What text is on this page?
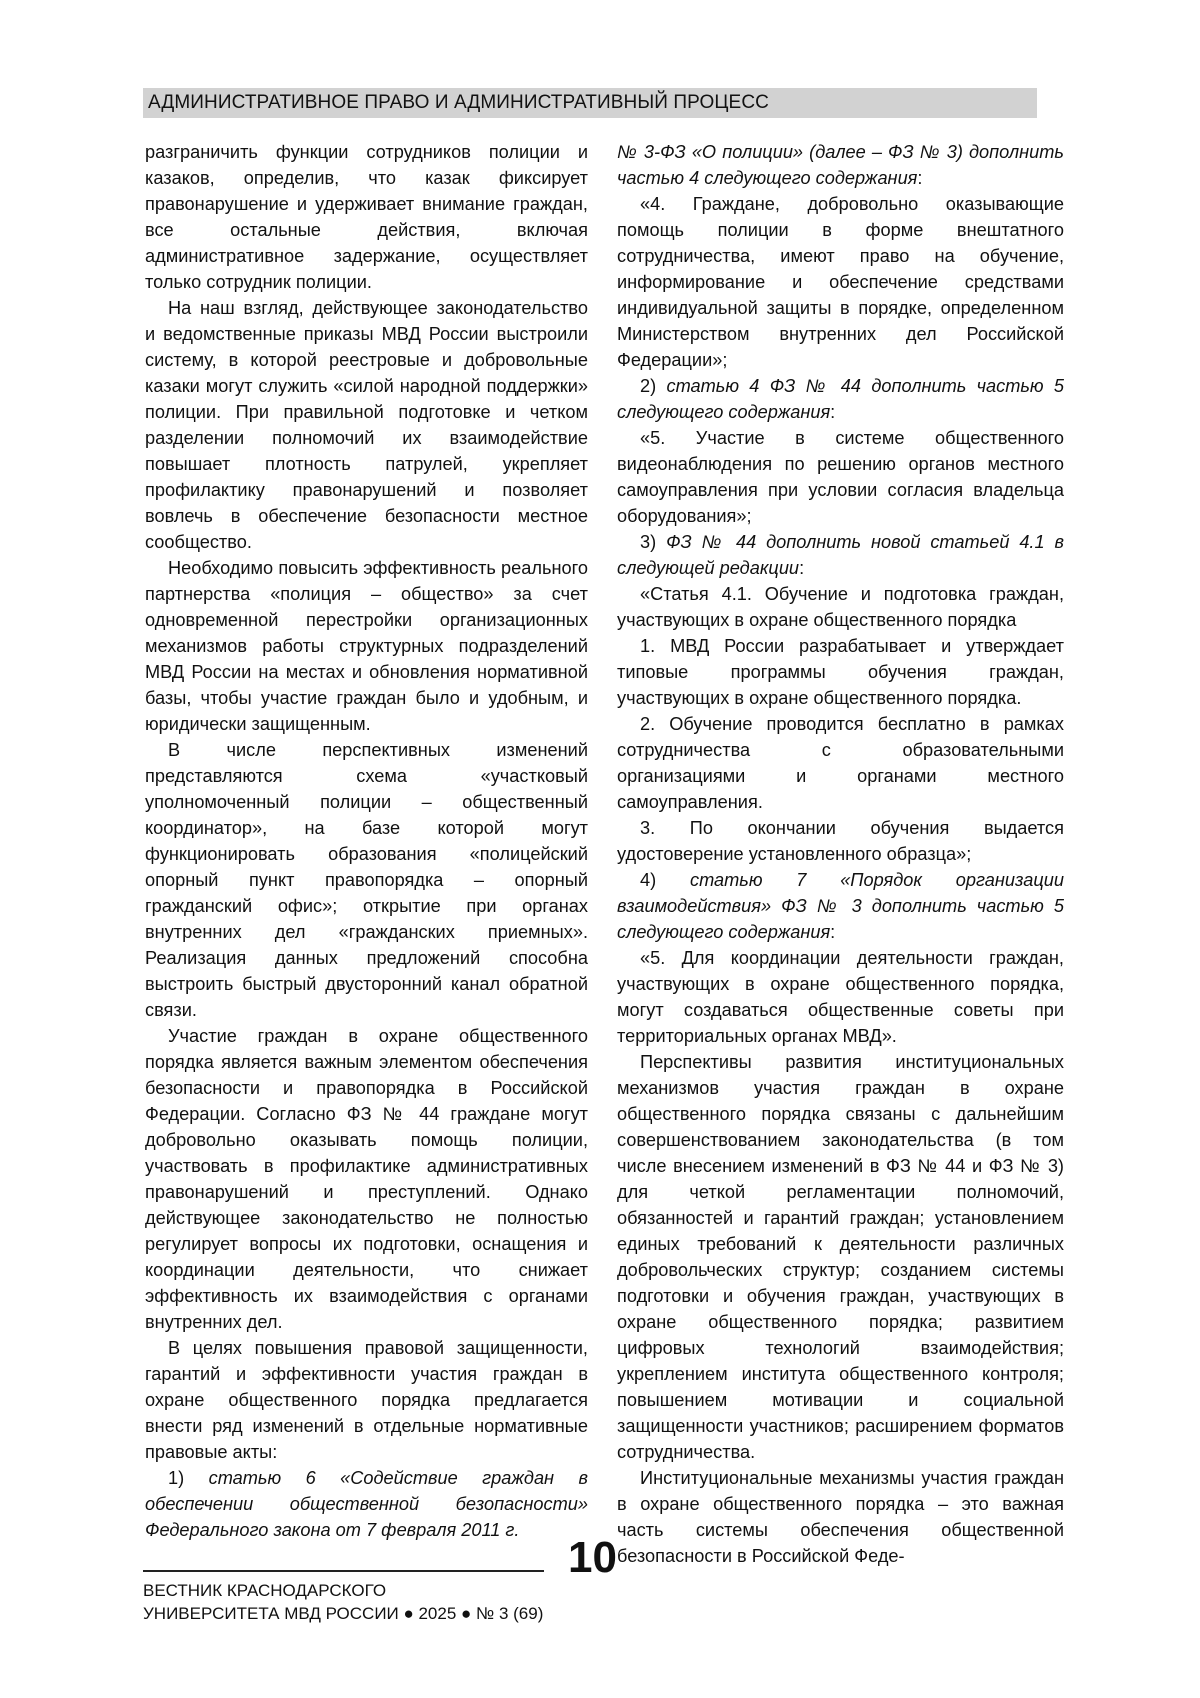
АДМИНИСТРАТИВНОЕ ПРАВО И АДМИНИСТРАТИВНЫЙ ПРОЦЕСС

разграничить функции сотрудников полиции и казаков, определив, что казак фиксирует правонарушение и удерживает внимание граждан, все остальные действия, включая административное задержание, осуществляет только сотрудник полиции.

На наш взгляд, действующее законодательство и ведомственные приказы МВД России выстроили систему, в которой реестровые и добровольные казаки могут служить «силой народной поддержки» полиции. При правильной подготовке и четком разделении полномочий их взаимодействие повышает плотность патрулей, укрепляет профилактику правонарушений и позволяет вовлечь в обеспечение безопасности местное сообщество.

Необходимо повысить эффективность реального партнерства «полиция – общество» за счет одновременной перестройки организационных механизмов работы структурных подразделений МВД России на местах и обновления нормативной базы, чтобы участие граждан было и удобным, и юридически защищенным.

В числе перспективных изменений представляются схема «участковый уполномоченный полиции – общественный координатор», на базе которой могут функционировать образования «полицейский опорный пункт правопорядка – опорный гражданский офис»; открытие при органах внутренних дел «гражданских приемных». Реализация данных предложений способна выстроить быстрый двусторонний канал обратной связи.

Участие граждан в охране общественного порядка является важным элементом обеспечения безопасности и правопорядка в Российской Федерации. Согласно ФЗ № 44 граждане могут добровольно оказывать помощь полиции, участвовать в профилактике административных правонарушений и преступлений. Однако действующее законодательство не полностью регулирует вопросы их подготовки, оснащения и координации деятельности, что снижает эффективность их взаимодействия с органами внутренних дел.

В целях повышения правовой защищенности, гарантий и эффективности участия граждан в охране общественного порядка предлагается внести ряд изменений в отдельные нормативные правовые акты:

1) статью 6 «Содействие граждан в обеспечении общественной безопасности» Федерального закона от 7 февраля 2011 г.

№ 3-ФЗ «О полиции» (далее – ФЗ № 3) дополнить частью 4 следующего содержания:

«4. Граждане, добровольно оказывающие помощь полиции в форме внештатного сотрудничества, имеют право на обучение, информирование и обеспечение средствами индивидуальной защиты в порядке, определенном Министерством внутренних дел Российской Федерации»;

2) статью 4 ФЗ № 44 дополнить частью 5 следующего содержания:

«5. Участие в системе общественного видеонаблюдения по решению органов местного самоуправления при условии согласия владельца оборудования»;

3) ФЗ № 44 дополнить новой статьей 4.1 в следующей редакции:

«Статья 4.1. Обучение и подготовка граждан, участвующих в охране общественного порядка

1. МВД России разрабатывает и утверждает типовые программы обучения граждан, участвующих в охране общественного порядка.

2. Обучение проводится бесплатно в рамках сотрудничества с образовательными организациями и органами местного самоуправления.

3. По окончании обучения выдается удостоверение установленного образца»;

4) статью 7 «Порядок организации взаимодействия» ФЗ № 3 дополнить частью 5 следующего содержания:

«5. Для координации деятельности граждан, участвующих в охране общественного порядка, могут создаваться общественные советы при территориальных органах МВД».

Перспективы развития институциональных механизмов участия граждан в охране общественного порядка связаны с дальнейшим совершенствованием законодательства (в том числе внесением изменений в ФЗ № 44 и ФЗ № 3) для четкой регламентации полномочий, обязанностей и гарантий граждан; установлением единых требований к деятельности различных добровольческих структур; созданием системы подготовки и обучения граждан, участвующих в охране общественного порядка; развитием цифровых технологий взаимодействия; укреплением института общественного контроля; повышением мотивации и социальной защищенности участников; расширением форматов сотрудничества.

Институциональные механизмы участия граждан в охране общественного порядка – это важная часть системы обеспечения общественной безопасности в Российской Феде-

10
ВЕСТНИК КРАСНОДАРСКОГО
УНИВЕРСИТЕТА МВД РОССИИ ● 2025 ● № 3 (69)
